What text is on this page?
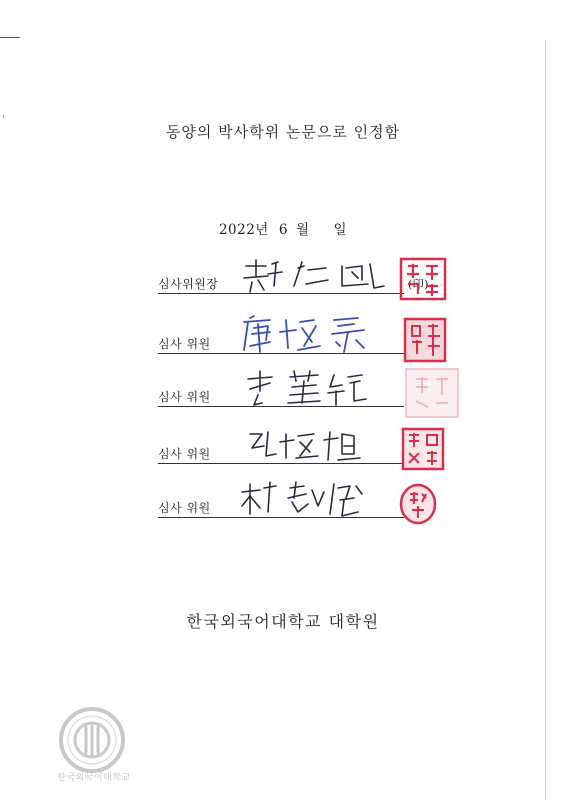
동양의 박사학위 논문으로 인정함
2022년 6 월 일
심사위원장	(印)
심사 위원
심사 위원
심사 위원
심사 위원
한국외국어대학교 대학원
한국외국어대학교
